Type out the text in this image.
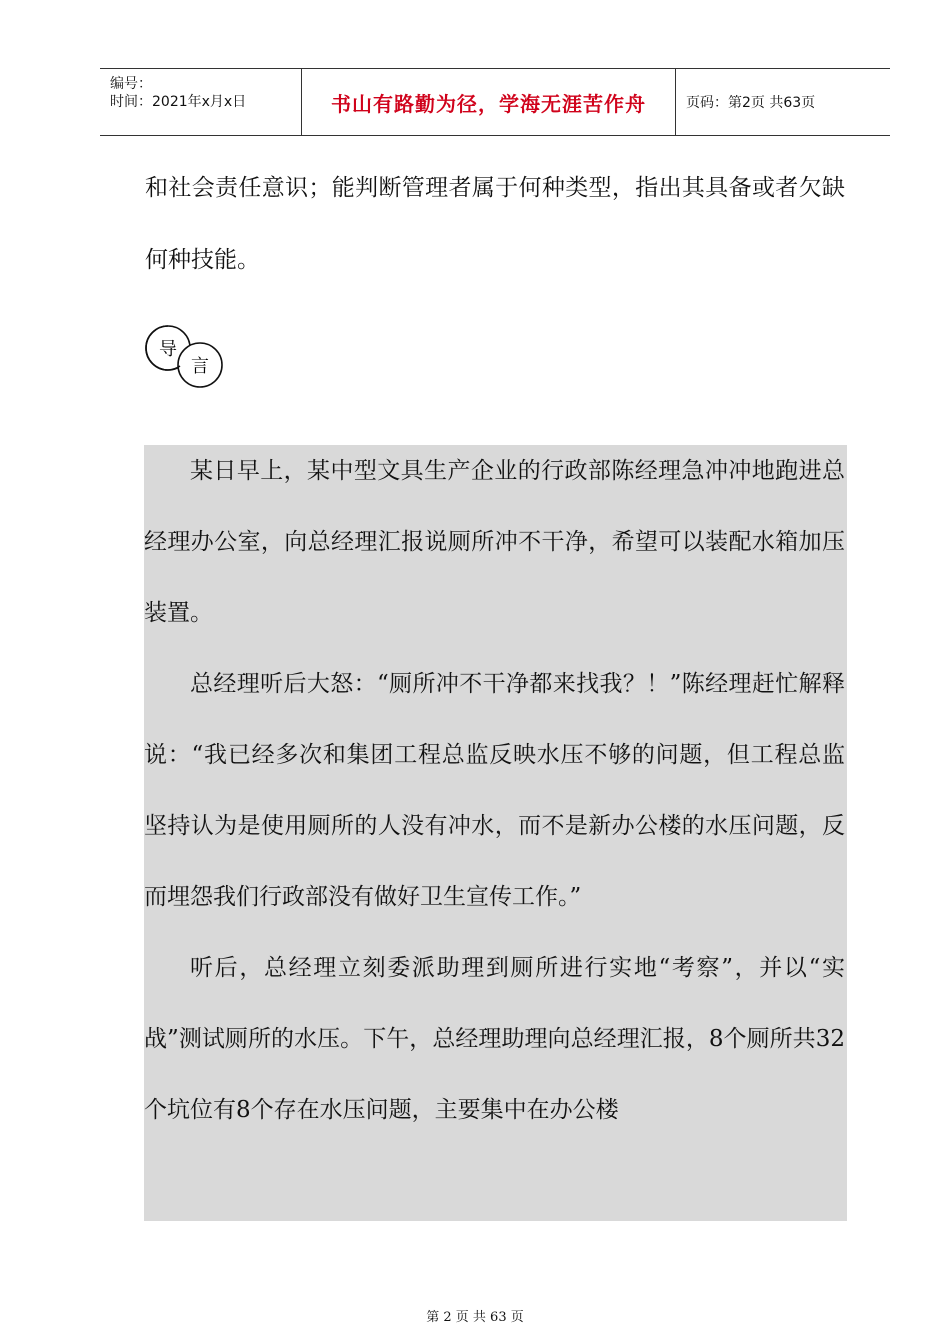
编号：
时间：2021年x月x日	书山有路勤为径，学海无涯苦作舟	页码：第2页 共63页

和社会责任意识；能判断管理者属于何种类型，指出其具备或者欠缺何种技能。

导
言

某日早上，某中型文具生产企业的行政部陈经理急冲冲地跑进总经理办公室，向总经理汇报说厕所冲不干净，希望可以装配水箱加压装置。

总经理听后大怒：“厕所冲不干净都来找我？！”陈经理赶忙解释说：“我已经多次和集团工程总监反映水压不够的问题，但工程总监坚持认为是使用厕所的人没有冲水，而不是新办公楼的水压问题，反而埋怨我们行政部没有做好卫生宣传工作。”

听后，总经理立刻委派助理到厕所进行实地“考察”，并以“实战”测试厕所的水压。下午，总经理助理向总经理汇报，8个厕所共32个坑位有8个存在水压问题，主要集中在办公楼

第 2 页 共 63 页
